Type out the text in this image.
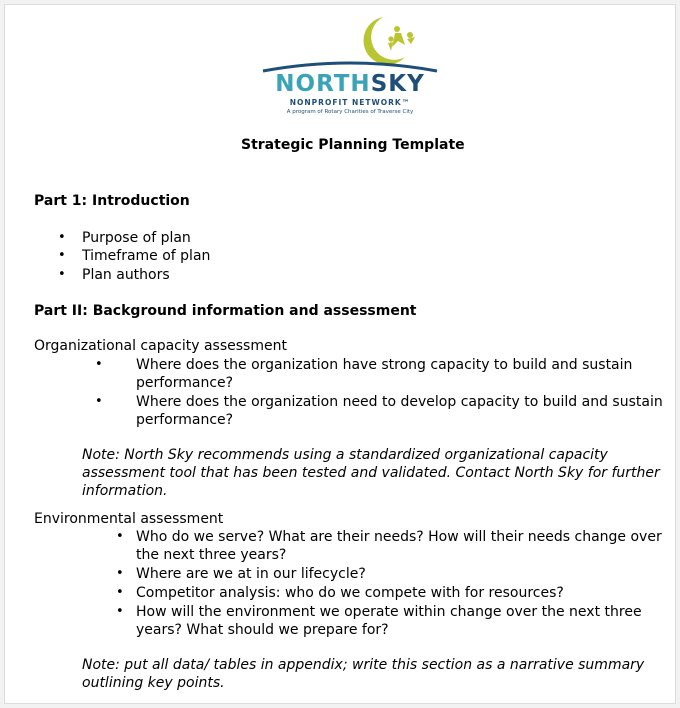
NORTHSKY
NONPROFIT NETWORK™
A program of Rotary Charities of Traverse City
Strategic Planning Template
Part 1: Introduction
• Purpose of plan
• Timeframe of plan
• Plan authors
Part II: Background information and assessment
Organizational capacity assessment
• Where does the organization have strong capacity to build and sustain
performance?
• Where does the organization need to develop capacity to build and sustain
performance?
Note: North Sky recommends using a standardized organizational capacity
assessment tool that has been tested and validated. Contact North Sky for further
information.
Environmental assessment
• Who do we serve? What are their needs? How will their needs change over
the next three years?
• Where are we at in our lifecycle?
• Competitor analysis: who do we compete with for resources?
• How will the environment we operate within change over the next three
years? What should we prepare for?
Note: put all data/ tables in appendix; write this section as a narrative summary
outlining key points.
